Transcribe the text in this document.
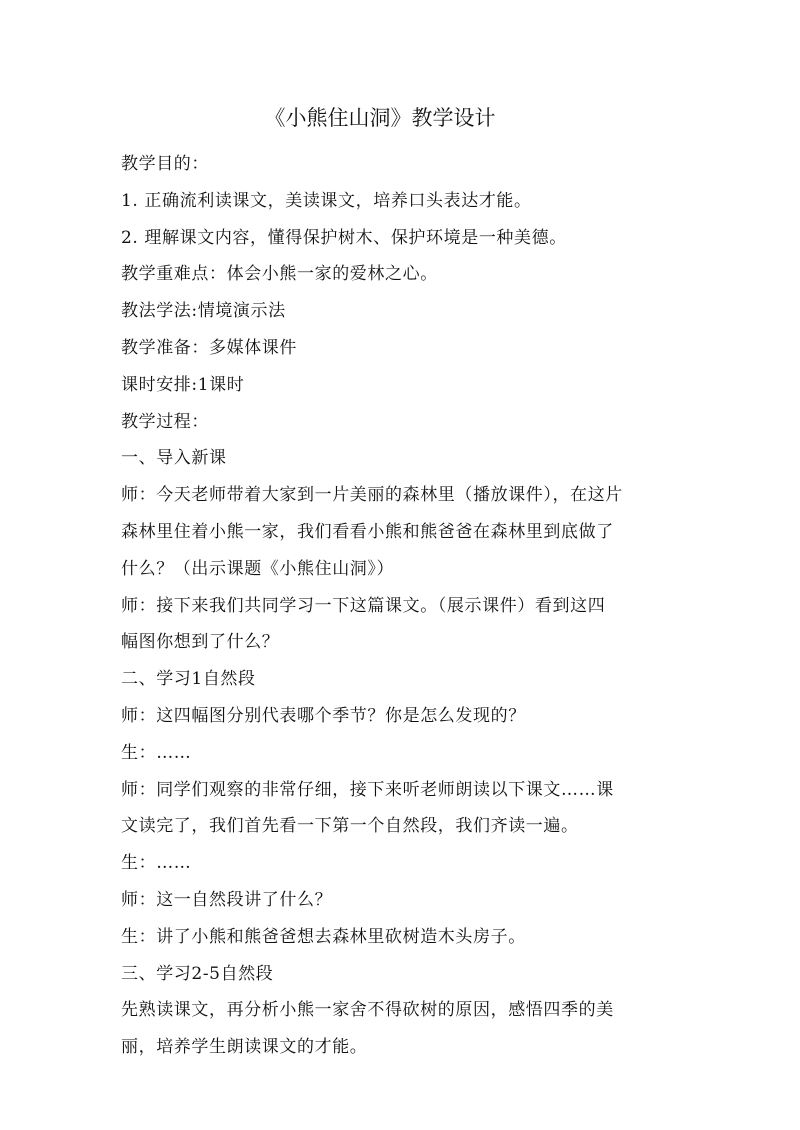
《小熊住山洞》教学设计

教学目的：

1. 正确流利读课文，美读课文，培养口头表达才能。

2. 理解课文内容，懂得保护树木、保护环境是一种美德。

教学重难点：体会小熊一家的爱林之心。

教法学法:情境演示法

教学准备：多媒体课件

课时安排:1课时

教学过程：

一、导入新课

师：今天老师带着大家到一片美丽的森林里（播放课件），在这片

森林里住着小熊一家，我们看看小熊和熊爸爸在森林里到底做了

什么？（出示课题《小熊住山洞》）

师：接下来我们共同学习一下这篇课文。（展示课件）看到这四

幅图你想到了什么？

二、学习1自然段

师：这四幅图分别代表哪个季节？你是怎么发现的？

生：……

师：同学们观察的非常仔细，接下来听老师朗读以下课文……课

文读完了，我们首先看一下第一个自然段，我们齐读一遍。

生：……

师：这一自然段讲了什么？

生：讲了小熊和熊爸爸想去森林里砍树造木头房子。

三、学习2-5自然段

先熟读课文，再分析小熊一家舍不得砍树的原因，感悟四季的美

丽，培养学生朗读课文的才能。
